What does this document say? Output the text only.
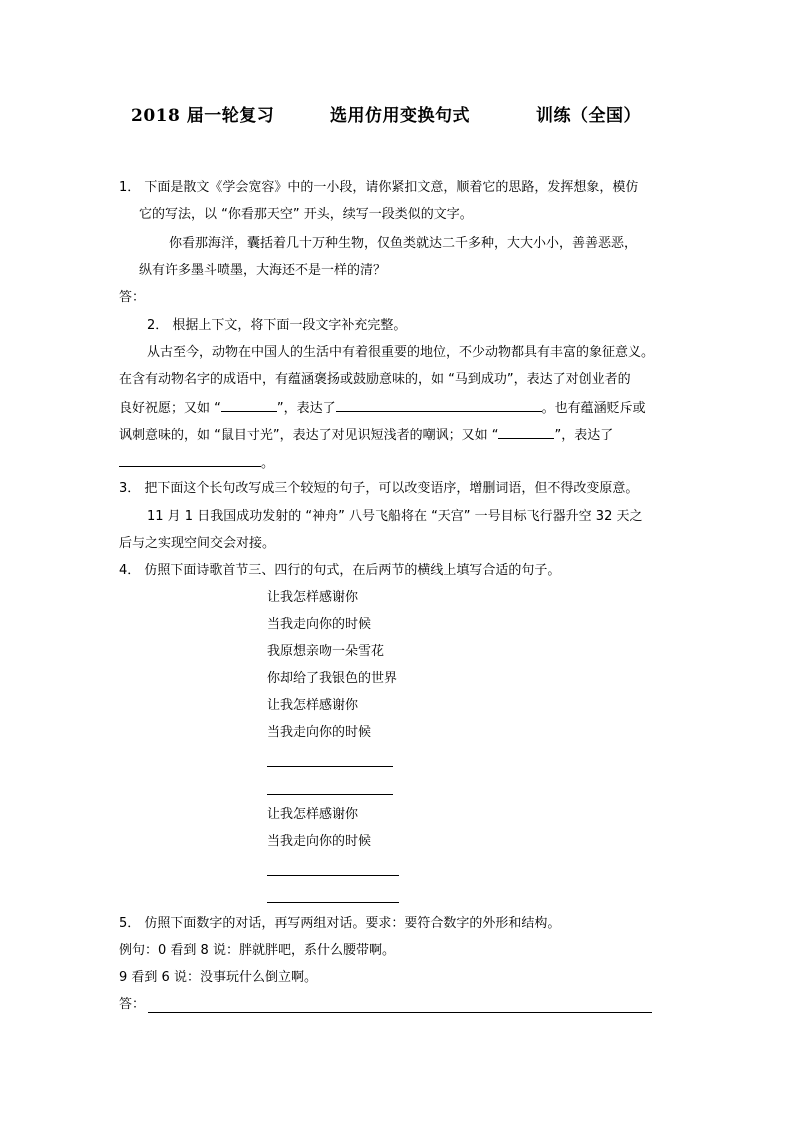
2018 届一轮复习	选用仿用变换句式	训练（全国）
1． 下面是散文《学会宽容》中的一小段，请你紧扣文意，顺着它的思路，发挥想象，模仿
它的写法，以 “你看那天空” 开头，续写一段类似的文字。
你看那海洋，囊括着几十万种生物，仅鱼类就达二千多种，大大小小，善善恶恶，
纵有许多墨斗喷墨，大海还不是一样的清？
答：
2． 根据上下文，将下面一段文字补充完整。
从古至今，动物在中国人的生活中有着很重要的地位，不少动物都具有丰富的象征意义。
在含有动物名字的成语中，有蕴涵褒扬或鼓励意味的，如 “马到成功”，表达了对创业者的
良好祝愿；又如 “	”，表达了	。也有蕴涵贬斥或
讽刺意味的，如 “鼠目寸光”，表达了对见识短浅者的嘲讽；又如 “	”，表达了
。
3． 把下面这个长句改写成三个较短的句子，可以改变语序，增删词语，但不得改变原意。
11 月 1 日我国成功发射的 “神舟” 八号飞船将在 “天宫” 一号目标飞行器升空 32 天之
后与之实现空间交会对接。
4． 仿照下面诗歌首节三、四行的句式，在后两节的横线上填写合适的句子。
让我怎样感谢你
当我走向你的时候
我原想亲吻一朵雪花
你却给了我银色的世界
让我怎样感谢你
当我走向你的时候
让我怎样感谢你
当我走向你的时候
5． 仿照下面数字的对话，再写两组对话。要求：要符合数字的外形和结构。
例句：0 看到 8 说：胖就胖吧，系什么腰带啊。
9 看到 6 说：没事玩什么倒立啊。
答：
